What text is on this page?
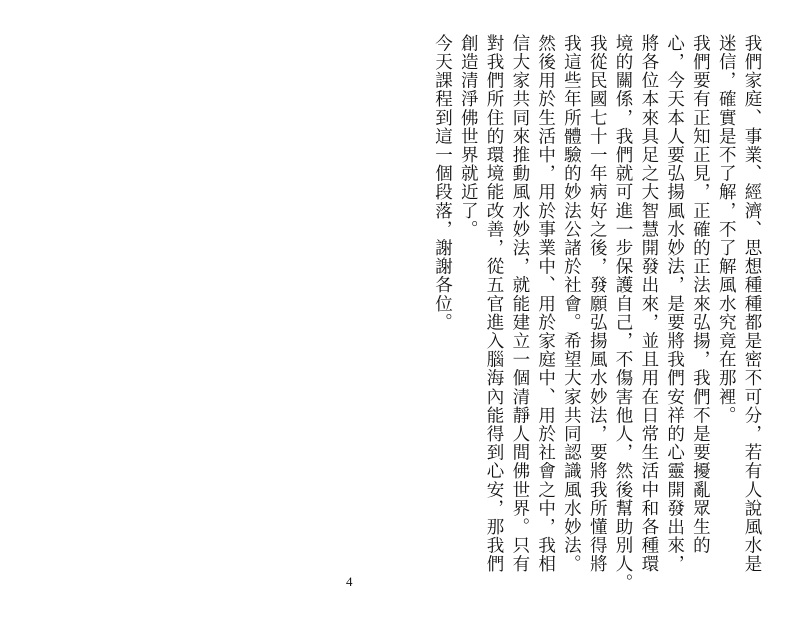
我們家庭、事業、經濟、思想種種都是密不可分，若有人說風水是

迷信，確實是不了解，不了解風水究竟在那裡。

我們要有正知正見，正確的正法來弘揚，我們不是要擾亂眾生的

心，今天本人要弘揚風水妙法，是要將我們安祥的心靈開發出來，

將各位本來具足之大智慧開發出來，並且用在日常生活中和各種環

境的關係，我們就可進一步保護自己，不傷害他人，然後幫助別人。

我從民國七十一年病好之後，發願弘揚風水妙法，要將我所懂得將

我這些年所體驗的妙法公諸於社會。希望大家共同認識風水妙法。

然後用於生活中，用於事業中、用於家庭中、用於社會之中，我相

信大家共同來推動風水妙法，就能建立一個清靜人間佛世界。只有

對我們所住的環境能改善，從五官進入腦海內能得到心安，那我們

創造清淨佛世界就近了。

今天課程到這一個段落，謝謝各位。

4
